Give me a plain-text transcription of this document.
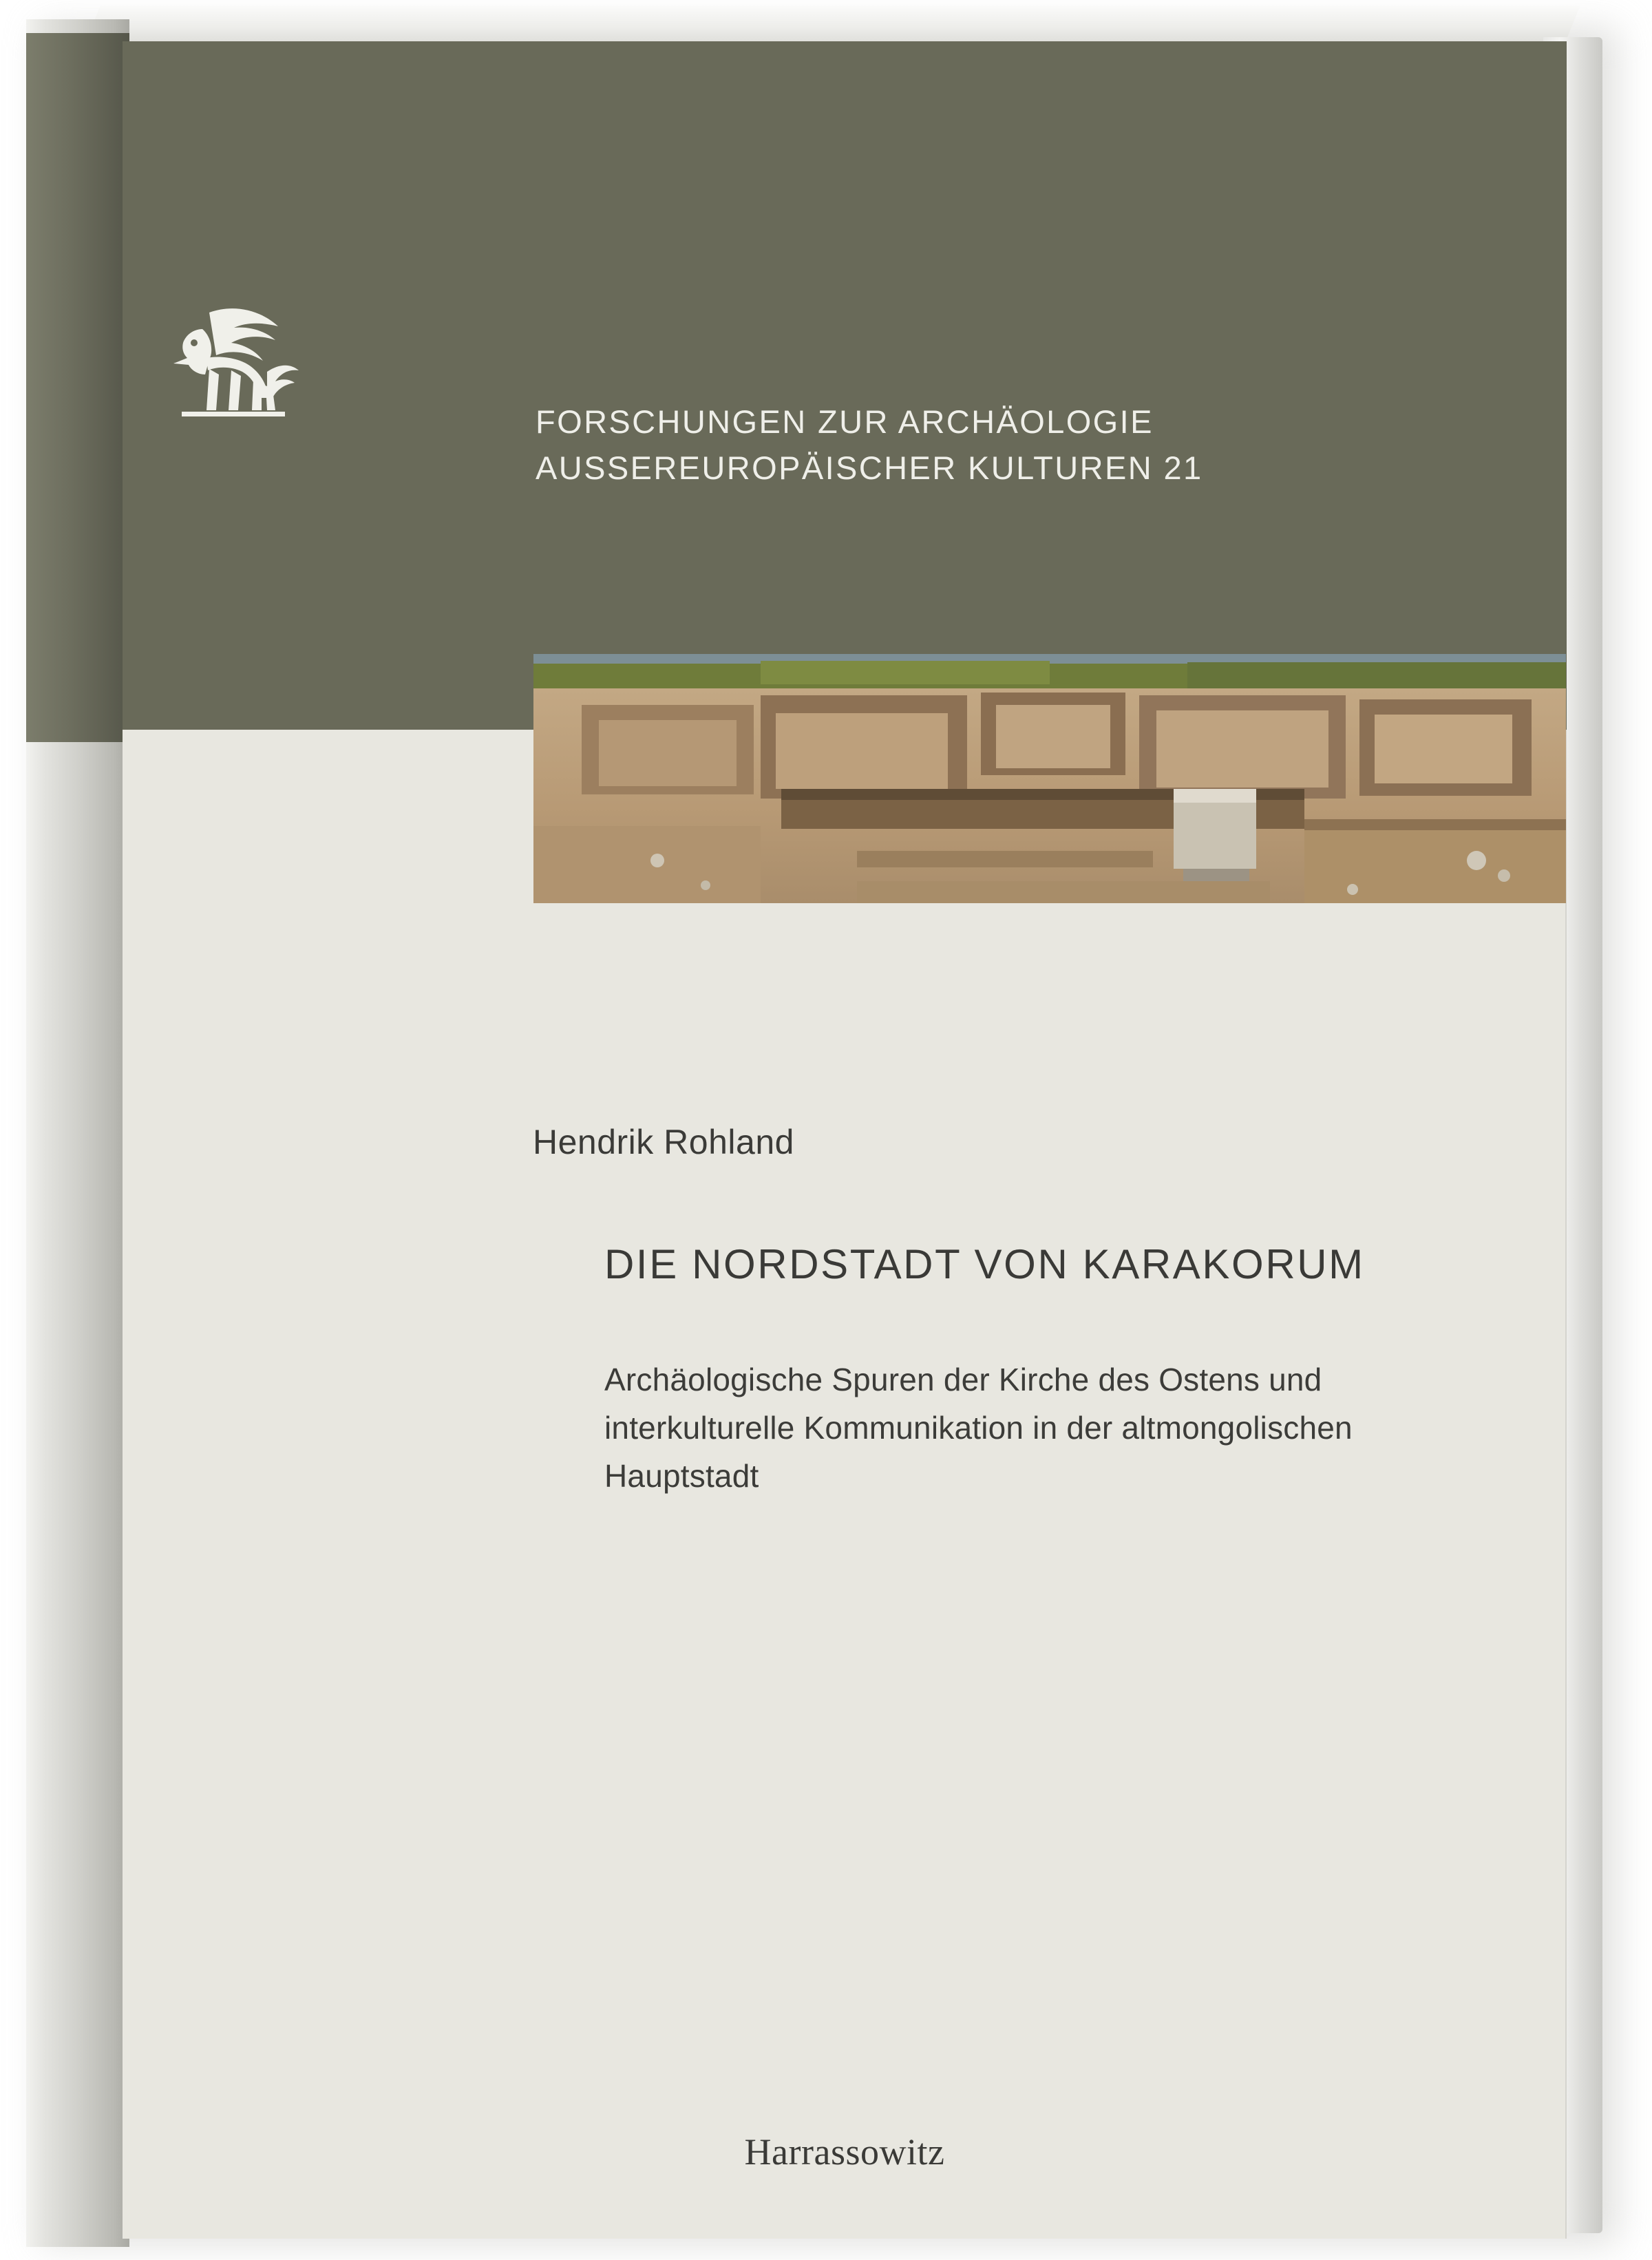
FORSCHUNGEN ZUR ARCHÄOLOGIE
AUSSEREUROPÄISCHER KULTUREN 21
Hendrik Rohland
DIE NORDSTADT VON KARAKORUM
Archäologische Spuren der Kirche des Ostens und interkulturelle Kommunikation in der altmongolischen Hauptstadt
Harrassowitz
